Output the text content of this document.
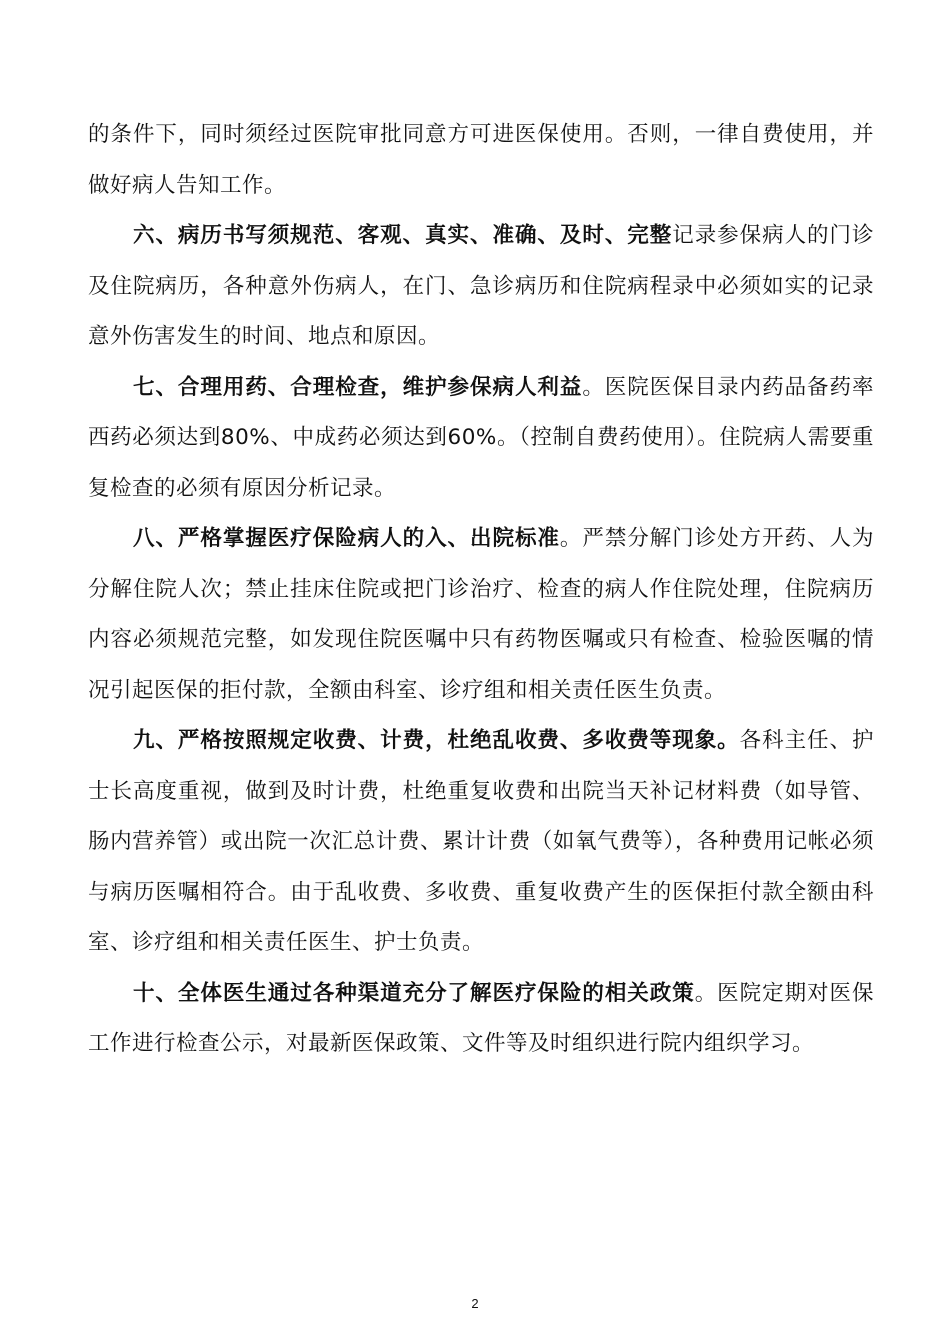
的条件下，同时须经过医院审批同意方可进医保使用。否则，一律自费使用，并做好病人告知工作。

六、病历书写须规范、客观、真实、准确、及时、完整记录参保病人的门诊及住院病历，各种意外伤病人，在门、急诊病历和住院病程录中必须如实的记录意外伤害发生的时间、地点和原因。

七、合理用药、合理检查，维护参保病人利益。医院医保目录内药品备药率西药必须达到80%、中成药必须达到60%。（控制自费药使用）。住院病人需要重复检查的必须有原因分析记录。

八、严格掌握医疗保险病人的入、出院标准。严禁分解门诊处方开药、人为分解住院人次；禁止挂床住院或把门诊治疗、检查的病人作住院处理，住院病历内容必须规范完整，如发现住院医嘱中只有药物医嘱或只有检查、检验医嘱的情况引起医保的拒付款，全额由科室、诊疗组和相关责任医生负责。

九、严格按照规定收费、计费，杜绝乱收费、多收费等现象。各科主任、护士长高度重视，做到及时计费，杜绝重复收费和出院当天补记材料费（如导管、肠内营养管）或出院一次汇总计费、累计计费（如氧气费等），各种费用记帐必须与病历医嘱相符合。由于乱收费、多收费、重复收费产生的医保拒付款全额由科室、诊疗组和相关责任医生、护士负责。

十、全体医生通过各种渠道充分了解医疗保险的相关政策。医院定期对医保工作进行检查公示，对最新医保政策、文件等及时组织进行院内组织学习。

2
